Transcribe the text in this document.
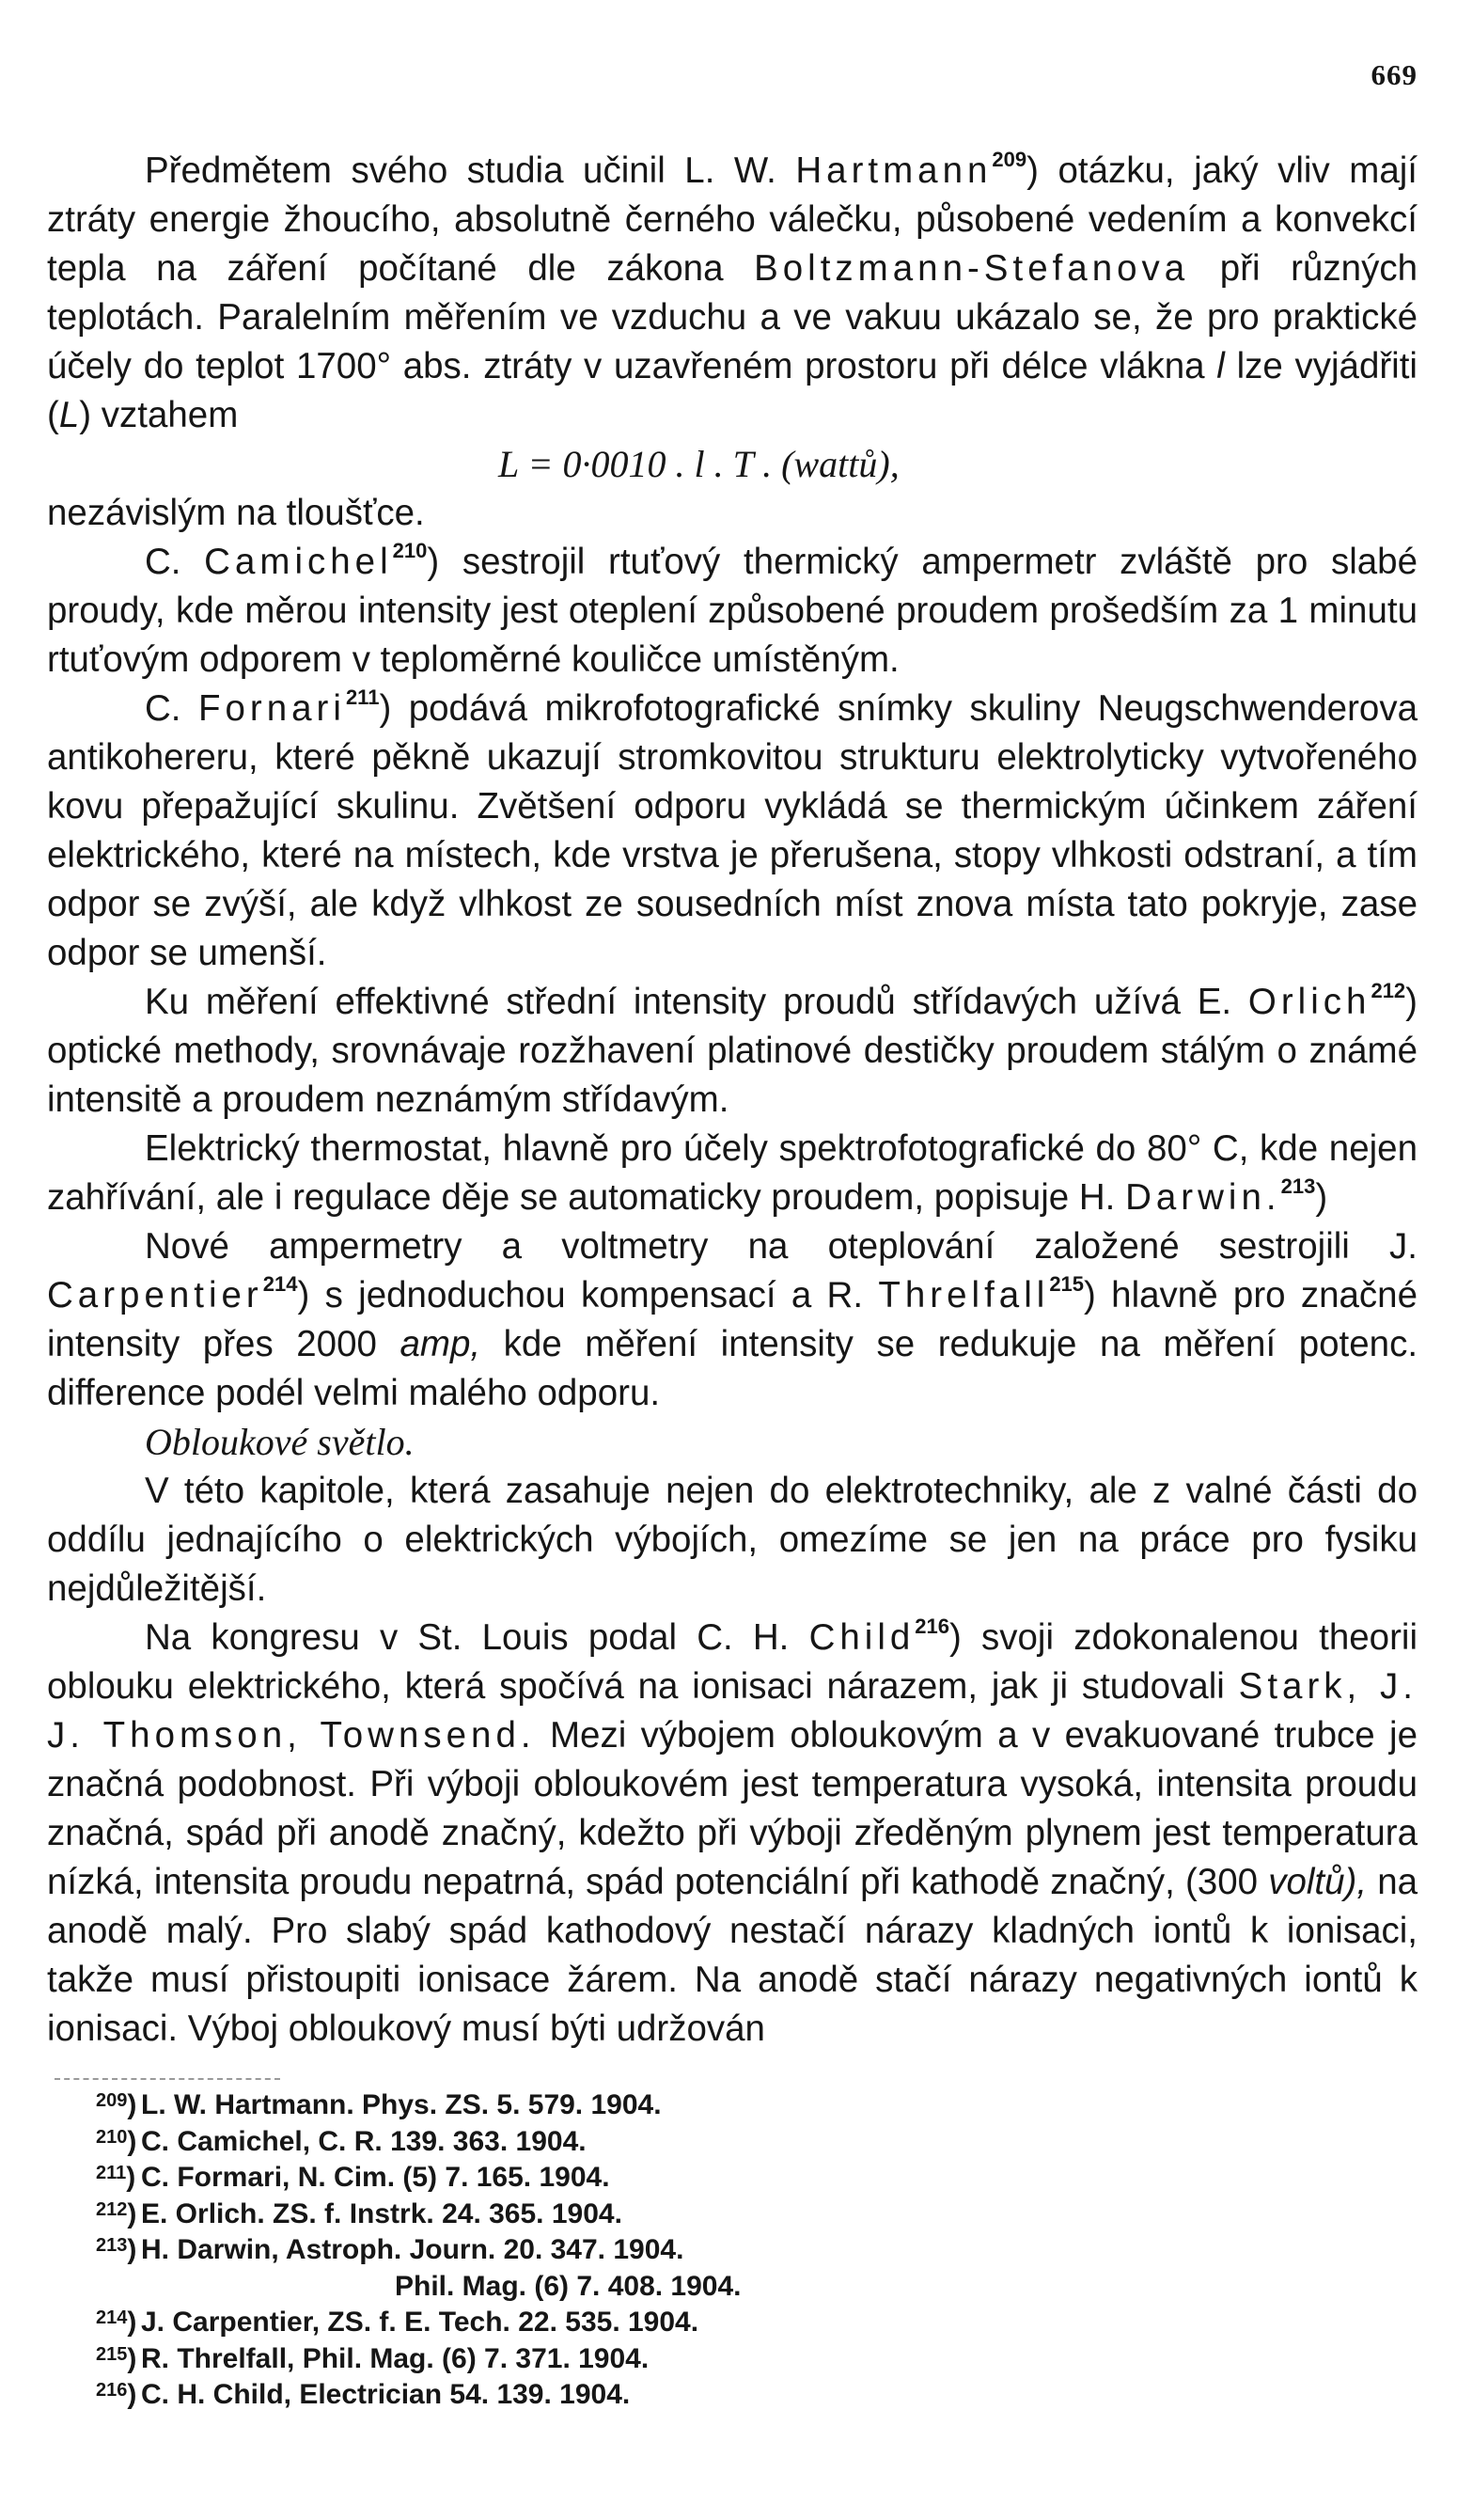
669

Předmětem svého studia učinil L. W. Hartmann$^{209}$) otázku, jaký vliv mají ztráty energie žhoucího, absolutně černého válečku, působené vedením a konvekcí tepla na záření počítané dle zákona Boltzmann-Stefanova při různých teplotách. Paralelním měřením ve vzduchu a ve vakuu ukázalo se, že pro praktické účely do teplot 1700° abs. ztráty v uzavřeném prostoru při délce vlákna l lze vyjádřiti (L) vztahem

L = 0·0010 . l . T . (wattů),

nezávislým na tloušťce.

C. Camichel$^{210}$) sestrojil rtuťový thermický ampermetr zvláště pro slabé proudy, kde měrou intensity jest oteplení způsobené proudem prošedším za 1 minutu rtuťovým odporem v teploměrné kouličce umístěným.

C. Fornari$^{211}$) podává mikrofotografické snímky skuliny Neugschwenderova antikohereru, které pěkně ukazují stromkovitou strukturu elektrolyticky vytvořeného kovu přepažující skulinu. Zvětšení odporu vykládá se thermickým účinkem záření elektrického, které na místech, kde vrstva je přerušena, stopy vlhkosti odstraní, a tím odpor se zvýší, ale když vlhkost ze sousedních míst znova místa tato pokryje, zase odpor se umenší.

Ku měření effektivné střední intensity proudů střídavých užívá E. Orlich$^{212}$) optické methody, srovnávaje rozžhavení platinové destičky proudem stálým o známé intensitě a proudem neznámým střídavým.

Elektrický thermostat, hlavně pro účely spektrofotografické do 80° C, kde nejen zahřívání, ale i regulace děje se automaticky proudem, popisuje H. Darwin.$^{213}$)

Nové ampermetry a voltmetry na oteplování založené sestrojili J. Carpentier$^{214}$) s jednoduchou kompensací a R. Threlfall$^{215}$) hlavně pro značné intensity přes 2000 amp, kde měření intensity se redukuje na měření potenc. difference podél velmi malého odporu.

Obloukové světlo.

V této kapitole, která zasahuje nejen do elektrotechniky, ale z valné části do oddílu jednajícího o elektrických výbojích, omezíme se jen na práce pro fysiku nejdůležitější.

Na kongresu v St. Louis podal C. H. Child$^{216}$) svoji zdokonalenou theorii oblouku elektrického, která spočívá na ionisaci nárazem, jak ji studovali Stark, J. J. Thomson, Townsend. Mezi výbojem obloukovým a v evakuované trubce je značná podobnost. Při výboji obloukovém jest temperatura vysoká, intensita proudu značná, spád při anodě značný, kdežto při výboji zředěným plynem jest temperatura nízká, intensita proudu nepatrná, spád potenciální při kathodě značný, (300 voltů), na anodě malý. Pro slabý spád kathodový nestačí nárazy kladných iontů k ionisaci, takže musí přistoupiti ionisace žárem. Na anodě stačí nárazy negativných iontů k ionisaci. Výboj obloukový musí býti udržován

209) L. W. Hartmann. Phys. ZS. 5. 579. 1904.
210) C. Camichel, C. R. 139. 363. 1904.
211) C. Formari, N. Cim. (5) 7. 165. 1904.
212) E. Orlich. ZS. f. Instrk. 24. 365. 1904.
213) H. Darwin, Astroph. Journ. 20. 347. 1904.
Phil. Mag. (6) 7. 408. 1904.
214) J. Carpentier, ZS. f. E. Tech. 22. 535. 1904.
215) R. Threlfall, Phil. Mag. (6) 7. 371. 1904.
216) C. H. Child, Electrician 54. 139. 1904.
